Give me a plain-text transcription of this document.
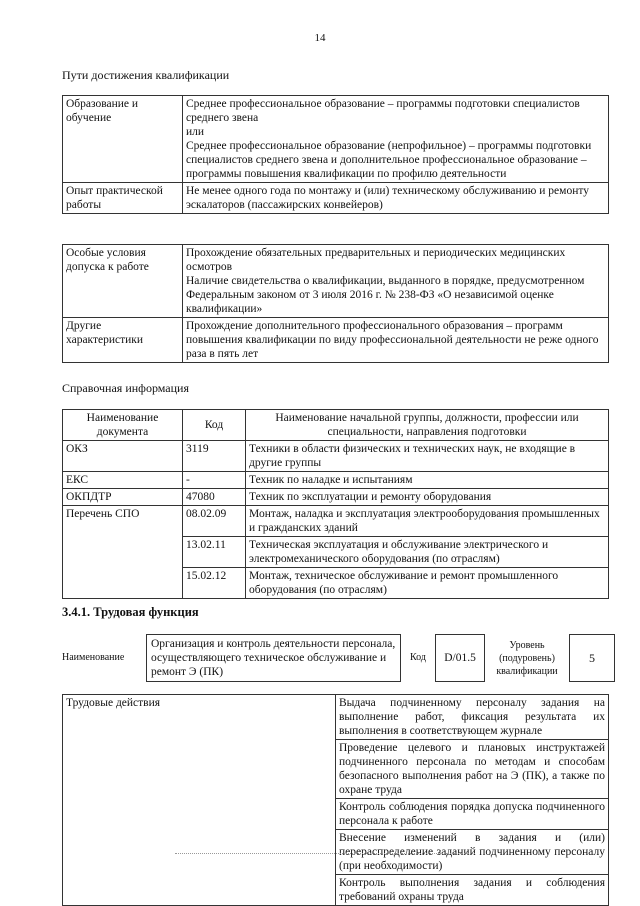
14
Пути достижения квалификации
Образование и обучение	Среднее профессиональное образование – программы подготовки специалистов среднего звена
или
Среднее профессиональное образование (непрофильное) – программы подготовки специалистов среднего звена и дополнительное профессиональное образование – программы повышения квалификации по профилю деятельности

Опыт практической работы	Не менее одного года по монтажу и (или) техническому обслуживанию и ремонту эскалаторов (пассажирских конвейеров)
Особые условия допуска к работе	Прохождение обязательных предварительных и периодических медицинских осмотров
Наличие свидетельства о квалификации, выданного в порядке, предусмотренном Федеральным законом от 3 июля 2016 г. № 238-ФЗ «О независимой оценке квалификации»

Другие характеристики	Прохождение дополнительного профессионального образования – программ повышения квалификации по виду профессиональной деятельности не реже одного раза в пять лет
Справочная информация
Наименование документа	Код	Наименование начальной группы, должности, профессии или специальности, направления подготовки
ОКЗ	3119	Техники в области физических и технических наук, не входящие в другие группы
ЕКС	-	Техник по наладке и испытаниям
ОКПДТР	47080	Техник по эксплуатации и ремонту оборудования
Перечень СПО	08.02.09	Монтаж, наладка и эксплуатация электрооборудования промышленных и гражданских зданий
	13.02.11	Техническая эксплуатация и обслуживание электрического и электромеханического оборудования (по отраслям)
	15.02.12	Монтаж, техническое обслуживание и ремонт промышленного оборудования (по отраслям)
3.4.1. Трудовая функция
Наименование	Организация и контроль деятельности персонала, осуществляющего техническое обслуживание и ремонт Э (ПК)	Код	D/01.5	Уровень (подуровень) квалификации	5
Трудовые действия	Выдача подчиненному персоналу задания на выполнение работ, фиксация результата их выполнения в соответствующем журнале
Проведение целевого и плановых инструктажей подчиненного персонала по методам и способам безопасного выполнения работ на Э (ПК), а также по охране труда
Контроль соблюдения порядка допуска подчиненного персонала к работе
Внесение изменений в задания и (или) перераспределение заданий подчиненному персоналу (при необходимости)
Контроль выполнения задания и соблюдения требований охраны труда
